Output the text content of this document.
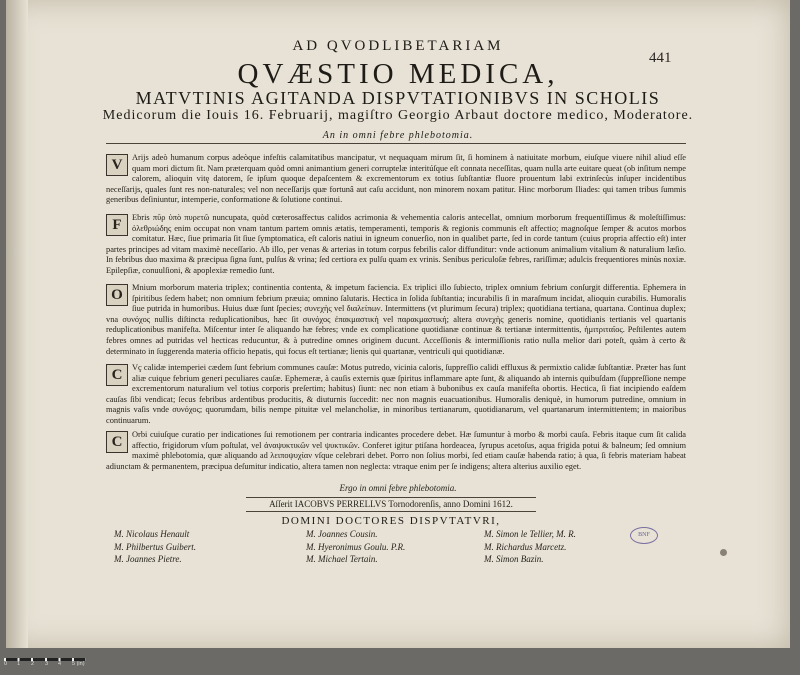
441
AD QVODLIBETARIAM
QVÆSTIO MEDICA,
MATVTINIS AGITANDA DISPVTATIONIBVS IN SCHOLIS
Medicorum die Iouis 16. Februarij, magiſtro Georgio Arbaut doctore medico, Moderatore.
An in omni febre phlebotomia.
V	Arijs adeò humanum corpus adeòque infeſtis calamitatibus mancipatur, vt nequaquam mirum ſit, ſi hominem à natiuitate morbum, eiuſque viuere nihil aliud eſſe quam mori dictum ſit. Nam præterquam quòd omni animantium generi corruptelæ interitúſque eſt connata neceſſitas, quam nulla arte euitare queat (ob inſitum nempe calorem, alioquin vitę datorem, ſe ipſum quoque depaſcentem & excrementorum ex totius ſubſtantiæ fluore prouentum labi extrinſecùs inſuper incidentibus neceſſarijs, quales ſunt res non-naturales; vel non neceſſarijs quæ fortunâ aut caſu accidunt, non minorem noxam patitur. Hinc morborum Iliades: qui tamen tribus ſummis generibus deſiniuntur, intemperie, conformatione & ſolutione continui.
F	Ebris πῦρ ὑπὸ πυρετῶ nuncupata, quòd cœterosaffectus calidos acrimonia & vehementia caloris antecellat, omnium morborum frequentiſſimus & moleſtiſſimus: ὀλεθριώδης enim occupat non vnam tantum partem omnis ætatis, temperamenti, temporis & regionis communis eſt affectio; magnoſque ſemper & acutos morbos comitatur. Hæc, ſiue primaria ſit ſiue ſymptomatica, eſt caloris natiui in igneum conuerſio, non in qualibet parte, ſed in corde tantum (cuius propria affectio eſt) inter partes principes ad vitam maximè neceſſario. Ab illo, per venas & arterias in totum corpus febrilis calor diffunditur: vnde actionum animalium vitalium & naturalium læſio. In febribus duo maxima & præcipua ſigna ſunt, pulſus & vrina; ſed certiora ex pulſu quam ex vrinis. Senibus periculoſæ febres, rariſſimæ; adulcis frequentiores minùs noxiæ. Epilepſiæ, conuulſioni, & apoplexiæ remedio ſunt.
O	Mnium morborum materia triplex; continentia contenta, & impetum faciencia. Ex triplici illo ſubiecto, triplex omnium febrium conſurgit differentia. Ephemera in ſpiritibus ſedem habet; non omnium febrium præuia; omnino ſalutaris. Hectica in ſolida ſubſtantia; incurabilis ſi in maraſmum incidat, alioquin curabilis. Humoralis ſiue putrida in humoribus. Huius duæ ſunt ſpecies; συνεχὴς vel διαλείπων. Intermittens (vt plurimum ſecura) triplex; quotidiana tertiana, quartana. Continua duplex; vna συνόχος nullis diſtincta reduplicationibus, hæc ſit συνόχος ἐπακμαστικὴ vel παρακμαστική; altera συνεχὴς generis nomine, quotidianis tertianis vel quartanis reduplicationibus manifeſta. Miſcentur inter ſe aliquando hæ febres; vnde ex complicatione quotidianæ continuæ & tertianæ intermittentis, ἡμιτριταῖος. Peſtilentes autem febres omnes ad putridas vel hecticas reducuntur, & à putredine omnes originem ducunt. Acceſſionis & intermiſſionis ratio nulla melior dari poteſt, quàm à certo & determinato in ſuggerenda materia officio hepatis, qui focus eſt tertianæ; lienis qui quartanæ, ventriculi qui quotidianæ.
C	Vç calidæ intemperiei cædem ſunt febrium communes cauſæ: Motus putredo, vicinia caloris, ſuppreſſio calidi effluxus & permixtio calidæ ſubſtantiæ. Præter has ſunt aliæ cuique febrium generi peculiares cauſæ. Ephemeræ, à cauſis externis quæ ſpiritus inflammare apte ſunt, & aliquando ab internis quibuſdam (ſuppreſſione nempe excrementorum naturalium vel totius corporis preſertim; habitus) ſiunt: nec non etiam à bubonibus ex cauſa manifeſta obortis. Hectica, ſi fiat incipiendo eaſdem cauſas ſibi vendicat; ſecus febribus ardentibus producitis, & diuturnis ſuccedit: nec non magnis euacuationibus. Humoralis deniquè, in humorum putredine, omnium in magnis vaſis vnde συνόχος; quorumdam, bilis nempe pituitæ vel melancholiæ, in minoribus tertianarum, quotidianarum, vel quartanarum intermittentem; in maioribus continuarum.
C	Orbi cuiuſque curatio per indicationes ſui remotionem per contraria indicantes procedere debet. Hæ ſumuntur à morbo & morbi cauſa. Febris itaque cum ſit calida affectio, frigidorum vſum poſtulat, vel ἀναψυκτικῶν vel ψυκτικῶν. Conferet igitur ptiſana hordeacea, ſyrupus acetoſus, aqua frigida potui & balneum; ſed omnium maximè phlebotomia, quæ aliquando ad λειποψυχίαν vſque celebrari debet. Porro non ſolius morbi, ſed etiam cauſæ habenda ratio; à qua, ſi febris materiam habeat adiunctam & permanentem, præcipua deſumitur indicatio, altera tamen non neglecta: vtraque enim per ſe indigens; altera alterius auxilio eget.
Ergo in omni febre phlebotomia.
Aſſerit IACOBVS PERRELLVS Tornodorenſis, anno Domini 1612.
DOMINI DOCTORES DISPVTATVRI,
M. Nicolaus Henault
M. Philbertus Guibert.
M. Joannes Pietre.
M. Joannes Cousin.
M. Hyeronimus Goulu. P.R.
M. Michael Tertain.
M. Simon le Tellier, M. R.
M. Richardus Marcetz.
M. Simon Bazin.
BNF
0 1 2 3 4 5 (in)
